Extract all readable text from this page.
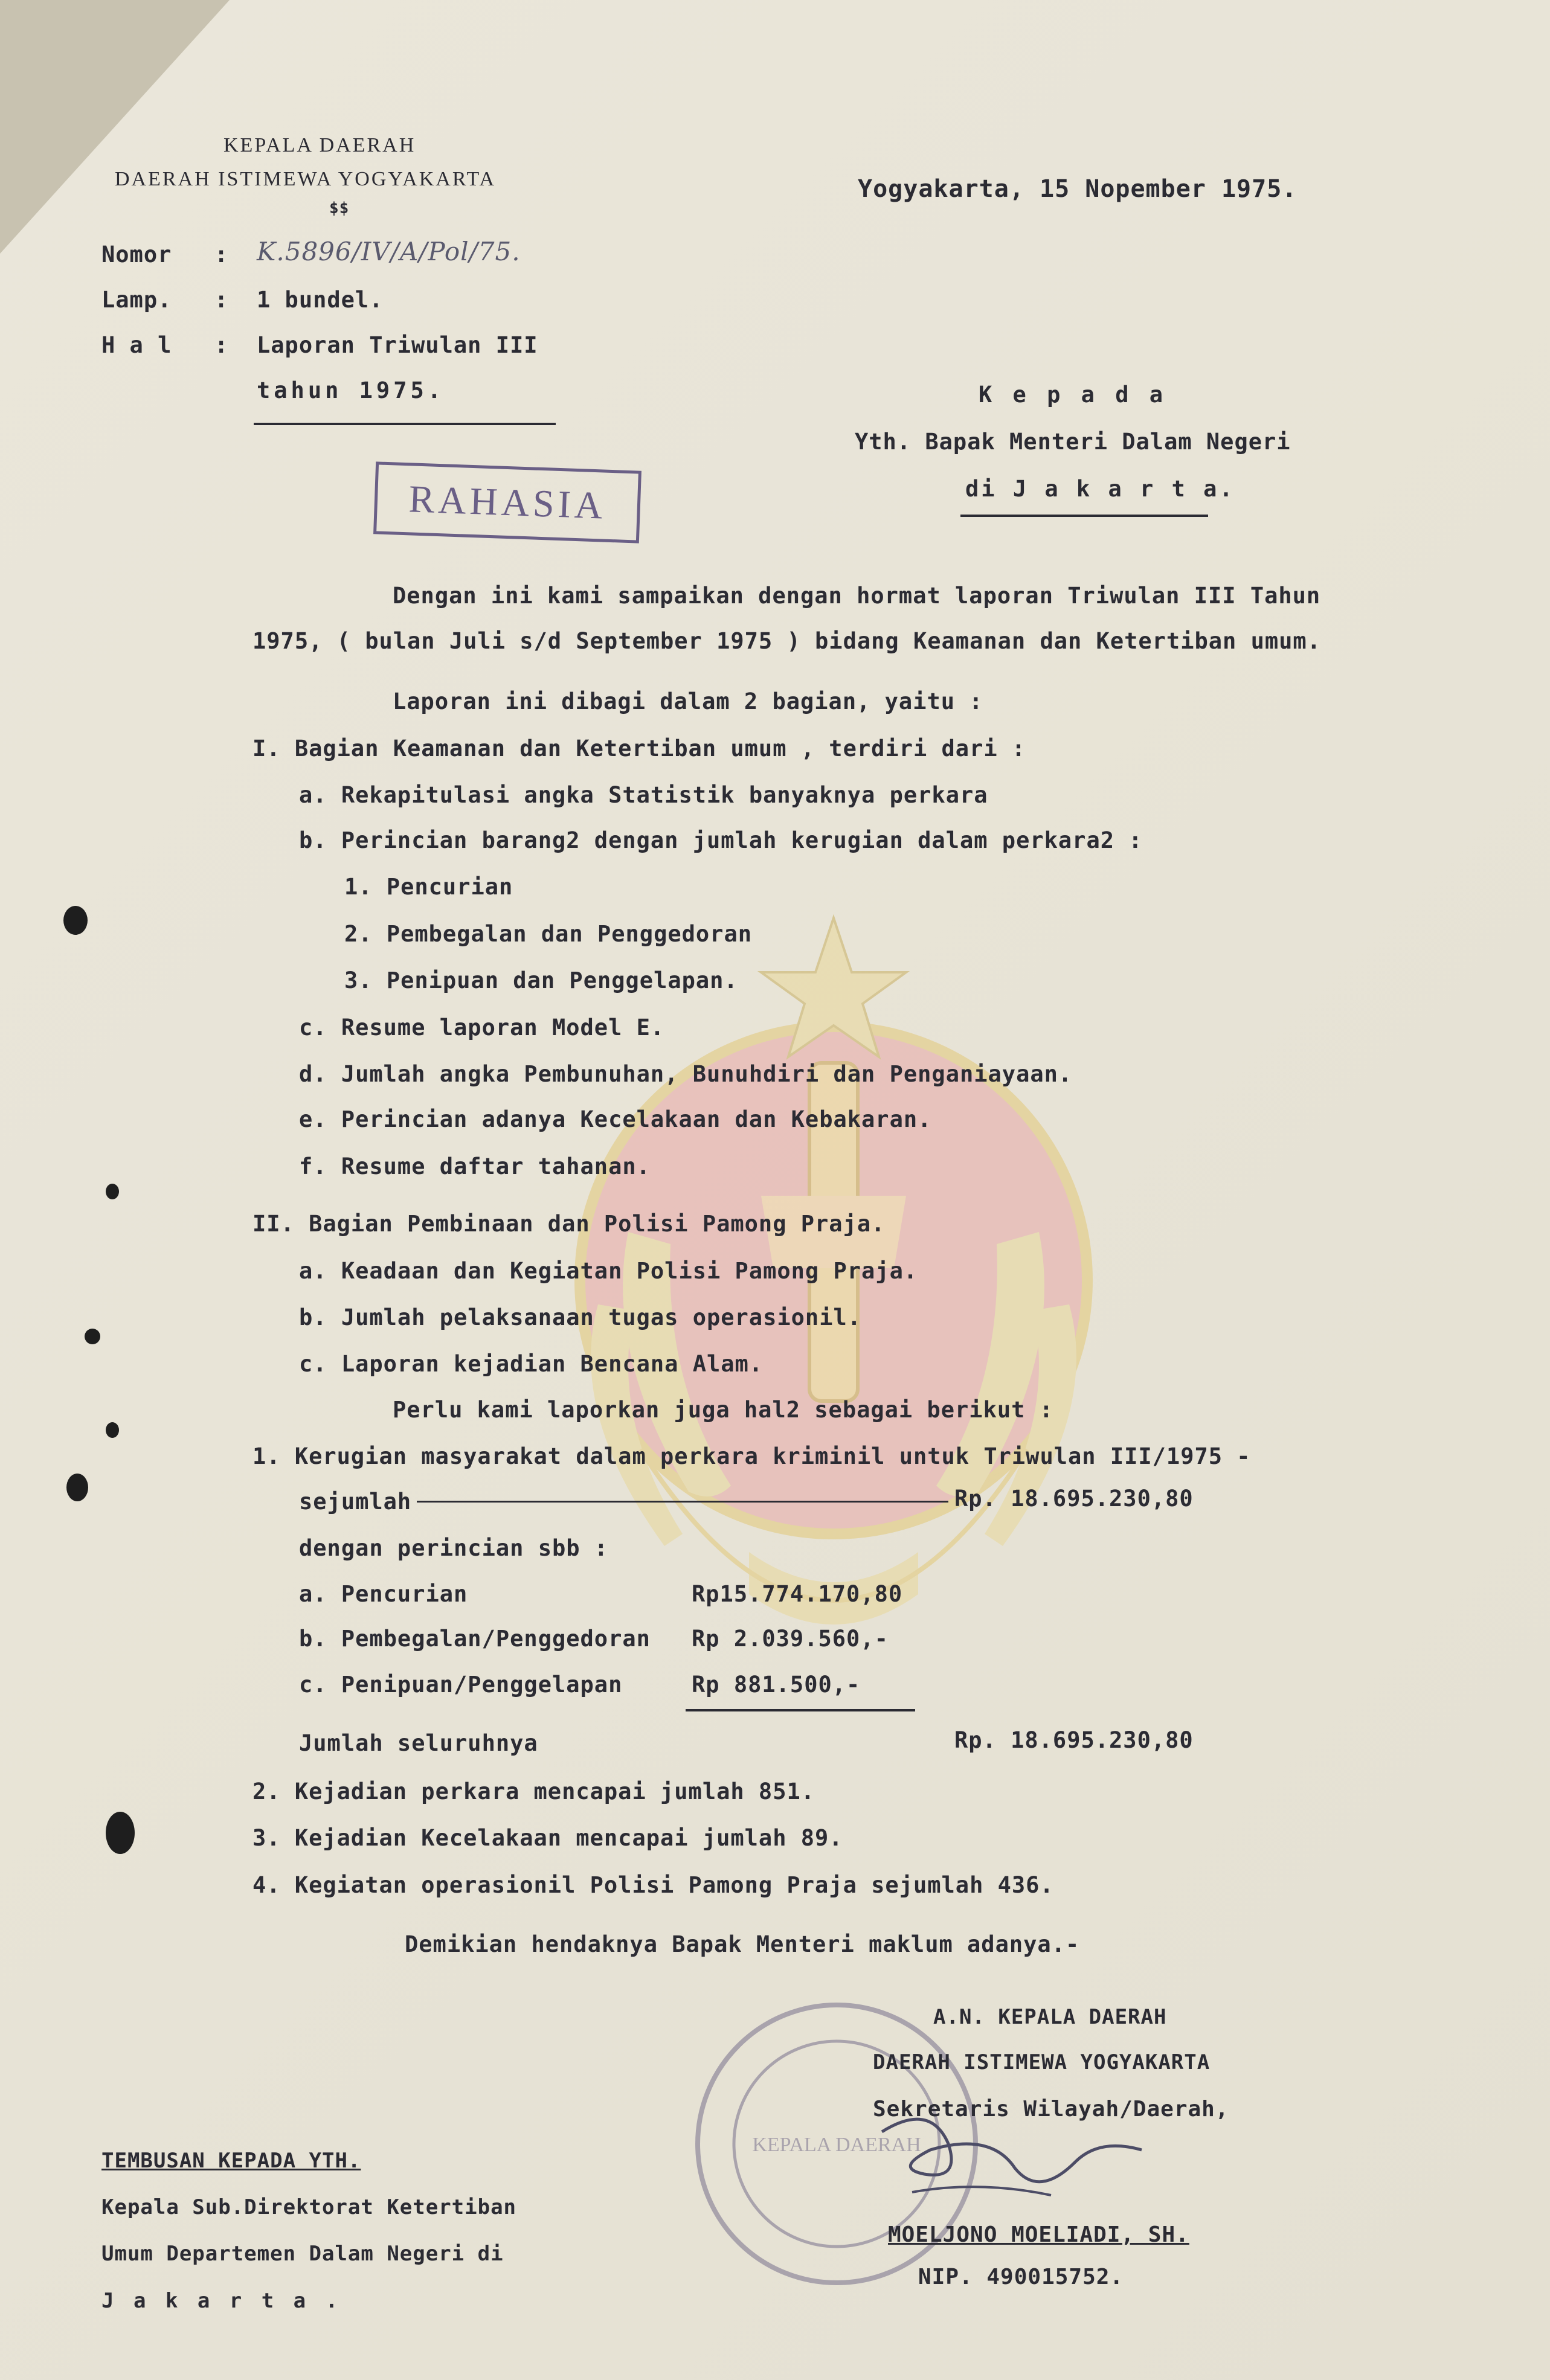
KEPALA DAERAH
DAERAH ISTIMEWA YOGYAKARTA
$$
Yogyakarta, 15 Nopember 1975.
Nomor : K.5896/IV/A/Pol/75.
Lamp. : 1 bundel.
H a l : Laporan Triwulan III
tahun 1975.
RAHASIA
K e p a d a
Yth. Bapak Menteri Dalam Negeri
di J a k a r t a.
Dengan ini kami sampaikan dengan hormat laporan Triwulan III Tahun
1975, ( bulan Juli s/d September 1975 ) bidang Keamanan dan Ketertiban umum.
Laporan ini dibagi dalam 2 bagian, yaitu :
I. Bagian Keamanan dan Ketertiban umum , terdiri dari :
a. Rekapitulasi angka Statistik banyaknya perkara
b. Perincian barang2 dengan jumlah kerugian dalam perkara2 :
1. Pencurian
2. Pembegalan dan Penggedoran
3. Penipuan dan Penggelapan.
c. Resume laporan Model E.
d. Jumlah angka Pembunuhan, Bunuhdiri dan Penganiayaan.
e. Perincian adanya Kecelakaan dan Kebakaran.
f. Resume daftar tahanan.
II. Bagian Pembinaan dan Polisi Pamong Praja.
a. Keadaan dan Kegiatan Polisi Pamong Praja.
b. Jumlah pelaksanaan tugas operasionil.
c. Laporan kejadian Bencana Alam.
Perlu kami laporkan juga hal2 sebagai berikut :
1. Kerugian masyarakat dalam perkara kriminil untuk Triwulan III/1975 -
sejumlah	Rp. 18.695.230,80
dengan perincian sbb :
a. Pencurian	Rp15.774.170,80
b. Pembegalan/Penggedoran Rp 2.039.560,-
c. Penipuan/Penggelapan	Rp 881.500,-
Jumlah seluruhnya	Rp. 18.695.230,80
2. Kejadian perkara mencapai jumlah 851.
3. Kejadian Kecelakaan mencapai jumlah 89.
4. Kegiatan operasionil Polisi Pamong Praja sejumlah 436.
Demikian hendaknya Bapak Menteri maklum adanya.-
KEPALA DAERAH
A.N. KEPALA DAERAH
DAERAH ISTIMEWA YOGYAKARTA
Sekretaris Wilayah/Daerah,
MOELJONO MOELIADI, SH.
NIP. 490015752.
TEMBUSAN KEPADA YTH.
Kepala Sub.Direktorat Ketertiban
Umum Departemen Dalam Negeri di
J a k a r t a .
